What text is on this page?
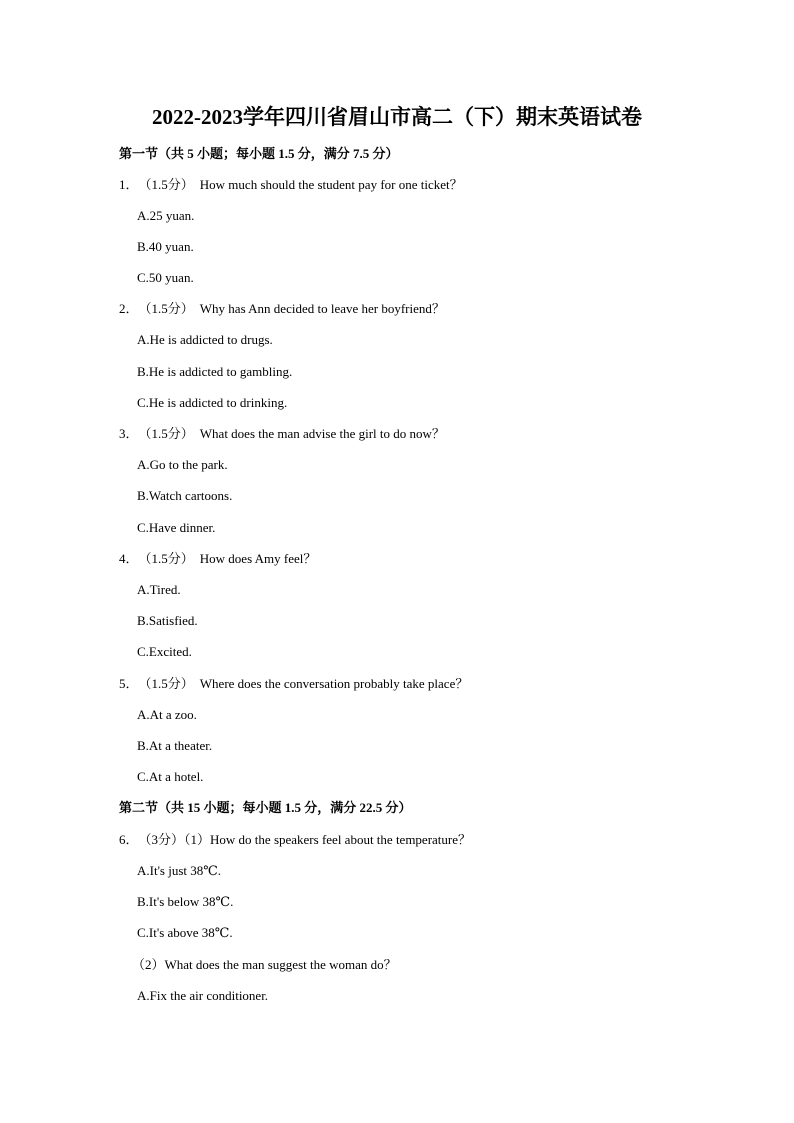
2022-2023学年四川省眉山市高二（下）期末英语试卷
第一节（共 5 小题；每小题 1.5 分，满分 7.5 分）
1．（1.5分） How much should the student pay for one ticket？
A.25 yuan.
B.40 yuan.
C.50 yuan.
2．（1.5分） Why has Ann decided to leave her boyfriend？
A.He is addicted to drugs.
B.He is addicted to gambling.
C.He is addicted to drinking.
3．（1.5分） What does the man advise the girl to do now？
A.Go to the park.
B.Watch cartoons.
C.Have dinner.
4．（1.5分） How does Amy feel？
A.Tired.
B.Satisfied.
C.Excited.
5．（1.5分） Where does the conversation probably take place？
A.At a zoo.
B.At a theater.
C.At a hotel.
第二节（共 15 小题；每小题 1.5 分，满分 22.5 分）
6．（3分）（1）How do the speakers feel about the temperature？
A.It's just 38℃.
B.It's below 38℃.
C.It's above 38℃.
（2）What does the man suggest the woman do？
A.Fix the air conditioner.
